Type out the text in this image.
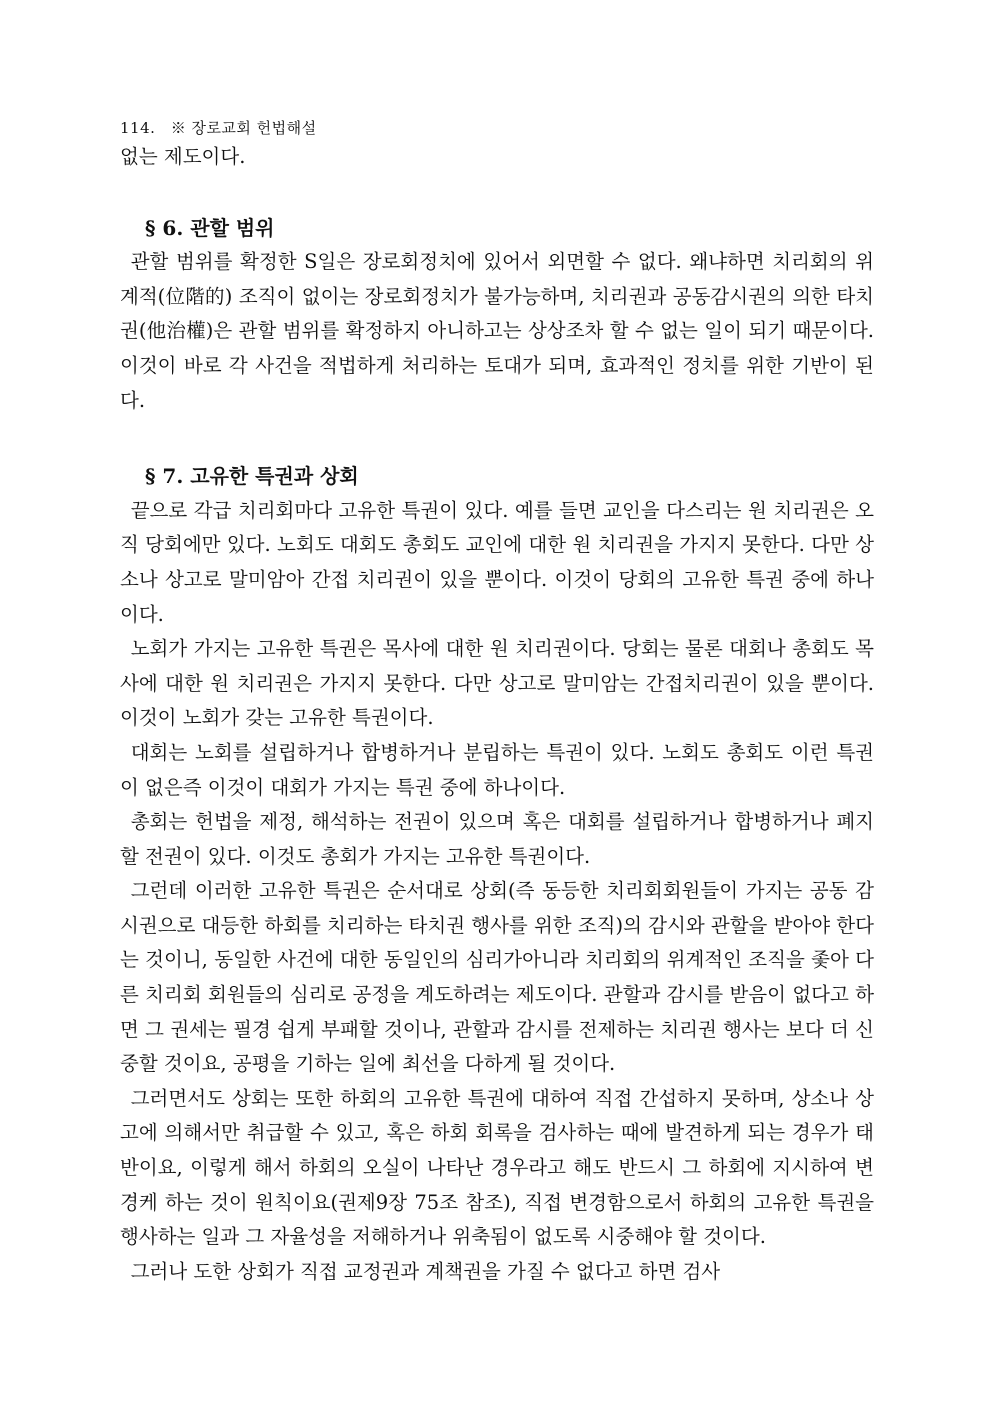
114. ※ 장로교회 헌법해설

없는 제도이다.

§ 6. 관할 범위

관할 범위를 확정한 S일은 장로회정치에 있어서 외면할 수 없다. 왜냐하면 치리회의 위계적(位階的) 조직이 없이는 장로회정치가 불가능하며, 치리권과 공동감시권의 의한 타치권(他治權)은 관할 범위를 확정하지 아니하고는 상상조차 할 수 없는 일이 되기 때문이다. 이것이 바로 각 사건을 적법하게 처리하는 토대가 되며, 효과적인 정치를 위한 기반이 된다.

§ 7. 고유한 특권과 상회

끝으로 각급 치리회마다 고유한 특권이 있다. 예를 들면 교인을 다스리는 원 치리권은 오직 당회에만 있다. 노회도 대회도 총회도 교인에 대한 원 치리권을 가지지 못한다. 다만 상소나 상고로 말미암아 간접 치리권이 있을 뿐이다. 이것이 당회의 고유한 특권 중에 하나이다.

노회가 가지는 고유한 특권은 목사에 대한 원 치리권이다. 당회는 물론 대회나 총회도 목사에 대한 원 치리권은 가지지 못한다. 다만 상고로 말미암는 간접치리권이 있을 뿐이다. 이것이 노회가 갖는 고유한 특권이다.

대회는 노회를 설립하거나 합병하거나 분립하는 특권이 있다. 노회도 총회도 이런 특권이 없은즉 이것이 대회가 가지는 특권 중에 하나이다.

총회는 헌법을 제정, 해석하는 전권이 있으며 혹은 대회를 설립하거나 합병하거나 폐지할 전권이 있다. 이것도 총회가 가지는 고유한 특권이다.

그런데 이러한 고유한 특권은 순서대로 상회(즉 동등한 치리회회원들이 가지는 공동 감시권으로 대등한 하회를 치리하는 타치권 행사를 위한 조직)의 감시와 관할을 받아야 한다는 것이니, 동일한 사건에 대한 동일인의 심리가아니라 치리회의 위계적인 조직을 좇아 다른 치리회 회원들의 심리로 공정을 계도하려는 제도이다. 관할과 감시를 받음이 없다고 하면 그 권세는 필경 쉽게 부패할 것이나, 관할과 감시를 전제하는 치리권 행사는 보다 더 신중할 것이요, 공평을 기하는 일에 최선을 다하게 될 것이다.

그러면서도 상회는 또한 하회의 고유한 특권에 대하여 직접 간섭하지 못하며, 상소나 상고에 의해서만 취급할 수 있고, 혹은 하회 회록을 검사하는 때에 발견하게 되는 경우가 태반이요, 이렇게 해서 하회의 오실이 나타난 경우라고 해도 반드시 그 하회에 지시하여 변경케 하는 것이 원칙이요(권제9장 75조 참조), 직접 변경함으로서 하회의 고유한 특권을 행사하는 일과 그 자율성을 저해하거나 위축됨이 없도록 시중해야 할 것이다.

그러나 도한 상회가 직접 교정권과 계책권을 가질 수 없다고 하면 검사
